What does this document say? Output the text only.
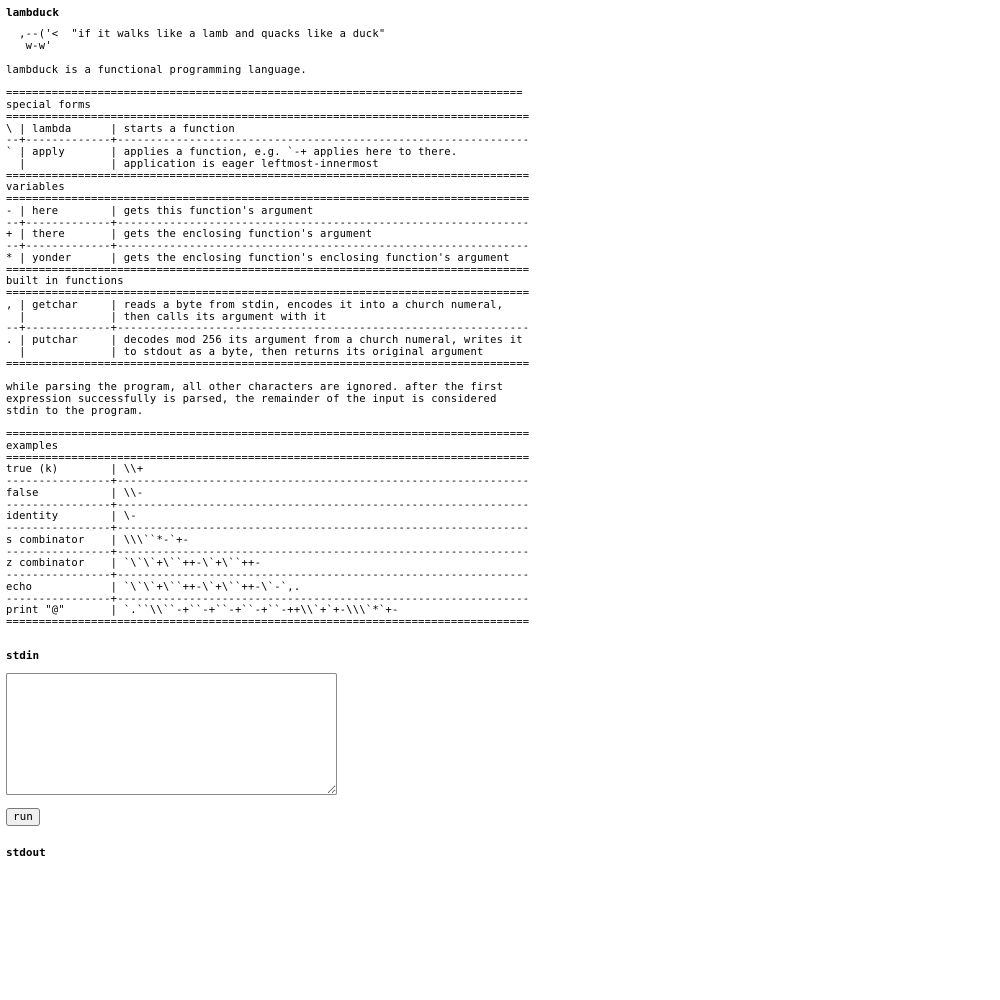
lambduck
,--('<  "if it walks like a lamb and quacks like a duck"
w-w'
lambduck is a functional programming language.
===============================================================================
special forms
================================================================================
\ | lambda      | starts a function
--+-------------+---------------------------------------------------------------
` | apply       | applies a function, e.g. `-+ applies here to there.
|             | application is eager leftmost-innermost
================================================================================
variables
================================================================================
- | here        | gets this function's argument
--+-------------+---------------------------------------------------------------
+ | there       | gets the enclosing function's argument
--+-------------+---------------------------------------------------------------
* | yonder      | gets the enclosing function's enclosing function's argument
================================================================================
built in functions
================================================================================
, | getchar     | reads a byte from stdin, encodes it into a church numeral,
|             | then calls its argument with it
--+-------------+---------------------------------------------------------------
. | putchar     | decodes mod 256 its argument from a church numeral, writes it
|             | to stdout as a byte, then returns its original argument
================================================================================

while parsing the program, all other characters are ignored. after the first
expression successfully is parsed, the remainder of the input is considered
stdin to the program.

================================================================================
examples
================================================================================
true (k)        | \\+
----------------+---------------------------------------------------------------
false           | \\-
----------------+---------------------------------------------------------------
identity        | \-
----------------+---------------------------------------------------------------
s combinator    | \\\``*-`+-
----------------+---------------------------------------------------------------
z combinator    | `\`\`+\``++-\`+\``++-
----------------+---------------------------------------------------------------
echo            | `\`\`+\``++-\`+\``++-\`-`,.
----------------+---------------------------------------------------------------
print "@"       | `.``\\``-+``-+``-+``-+``-++\\`+`+-\\\`*`+-
================================================================================
stdin
run
stdout
